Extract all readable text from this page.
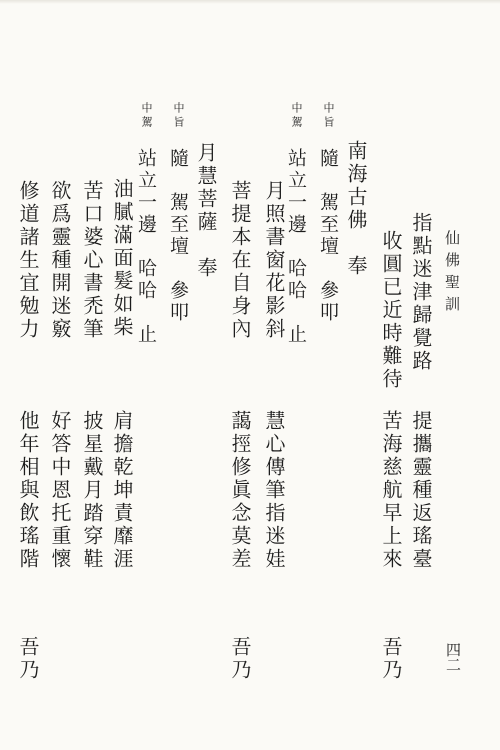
仙佛聖訓
四二
指點迷津歸覺路
收圓已近時難待
南海古佛　奉
中旨隨　駕至壇　參叩
中駕站立一邊　哈哈　止
月照書窗花影斜
菩提本在自身內
月慧菩薩　奉
中旨隨　駕至壇　參叩
中駕站立一邊　哈哈　止
油膩滿面髮如柴
苦口婆心書禿筆
欲爲靈種開迷竅
修道諸生宜勉力
提攜靈種返瑤臺
苦海慈航早上來
慧心傳筆指迷娃
藹挳修眞念莫差
肩擔乾坤責靡涯
披星戴月踏穿鞋
好答中恩托重懷
他年相與飲瑤階
吾乃
吾乃
吾乃
